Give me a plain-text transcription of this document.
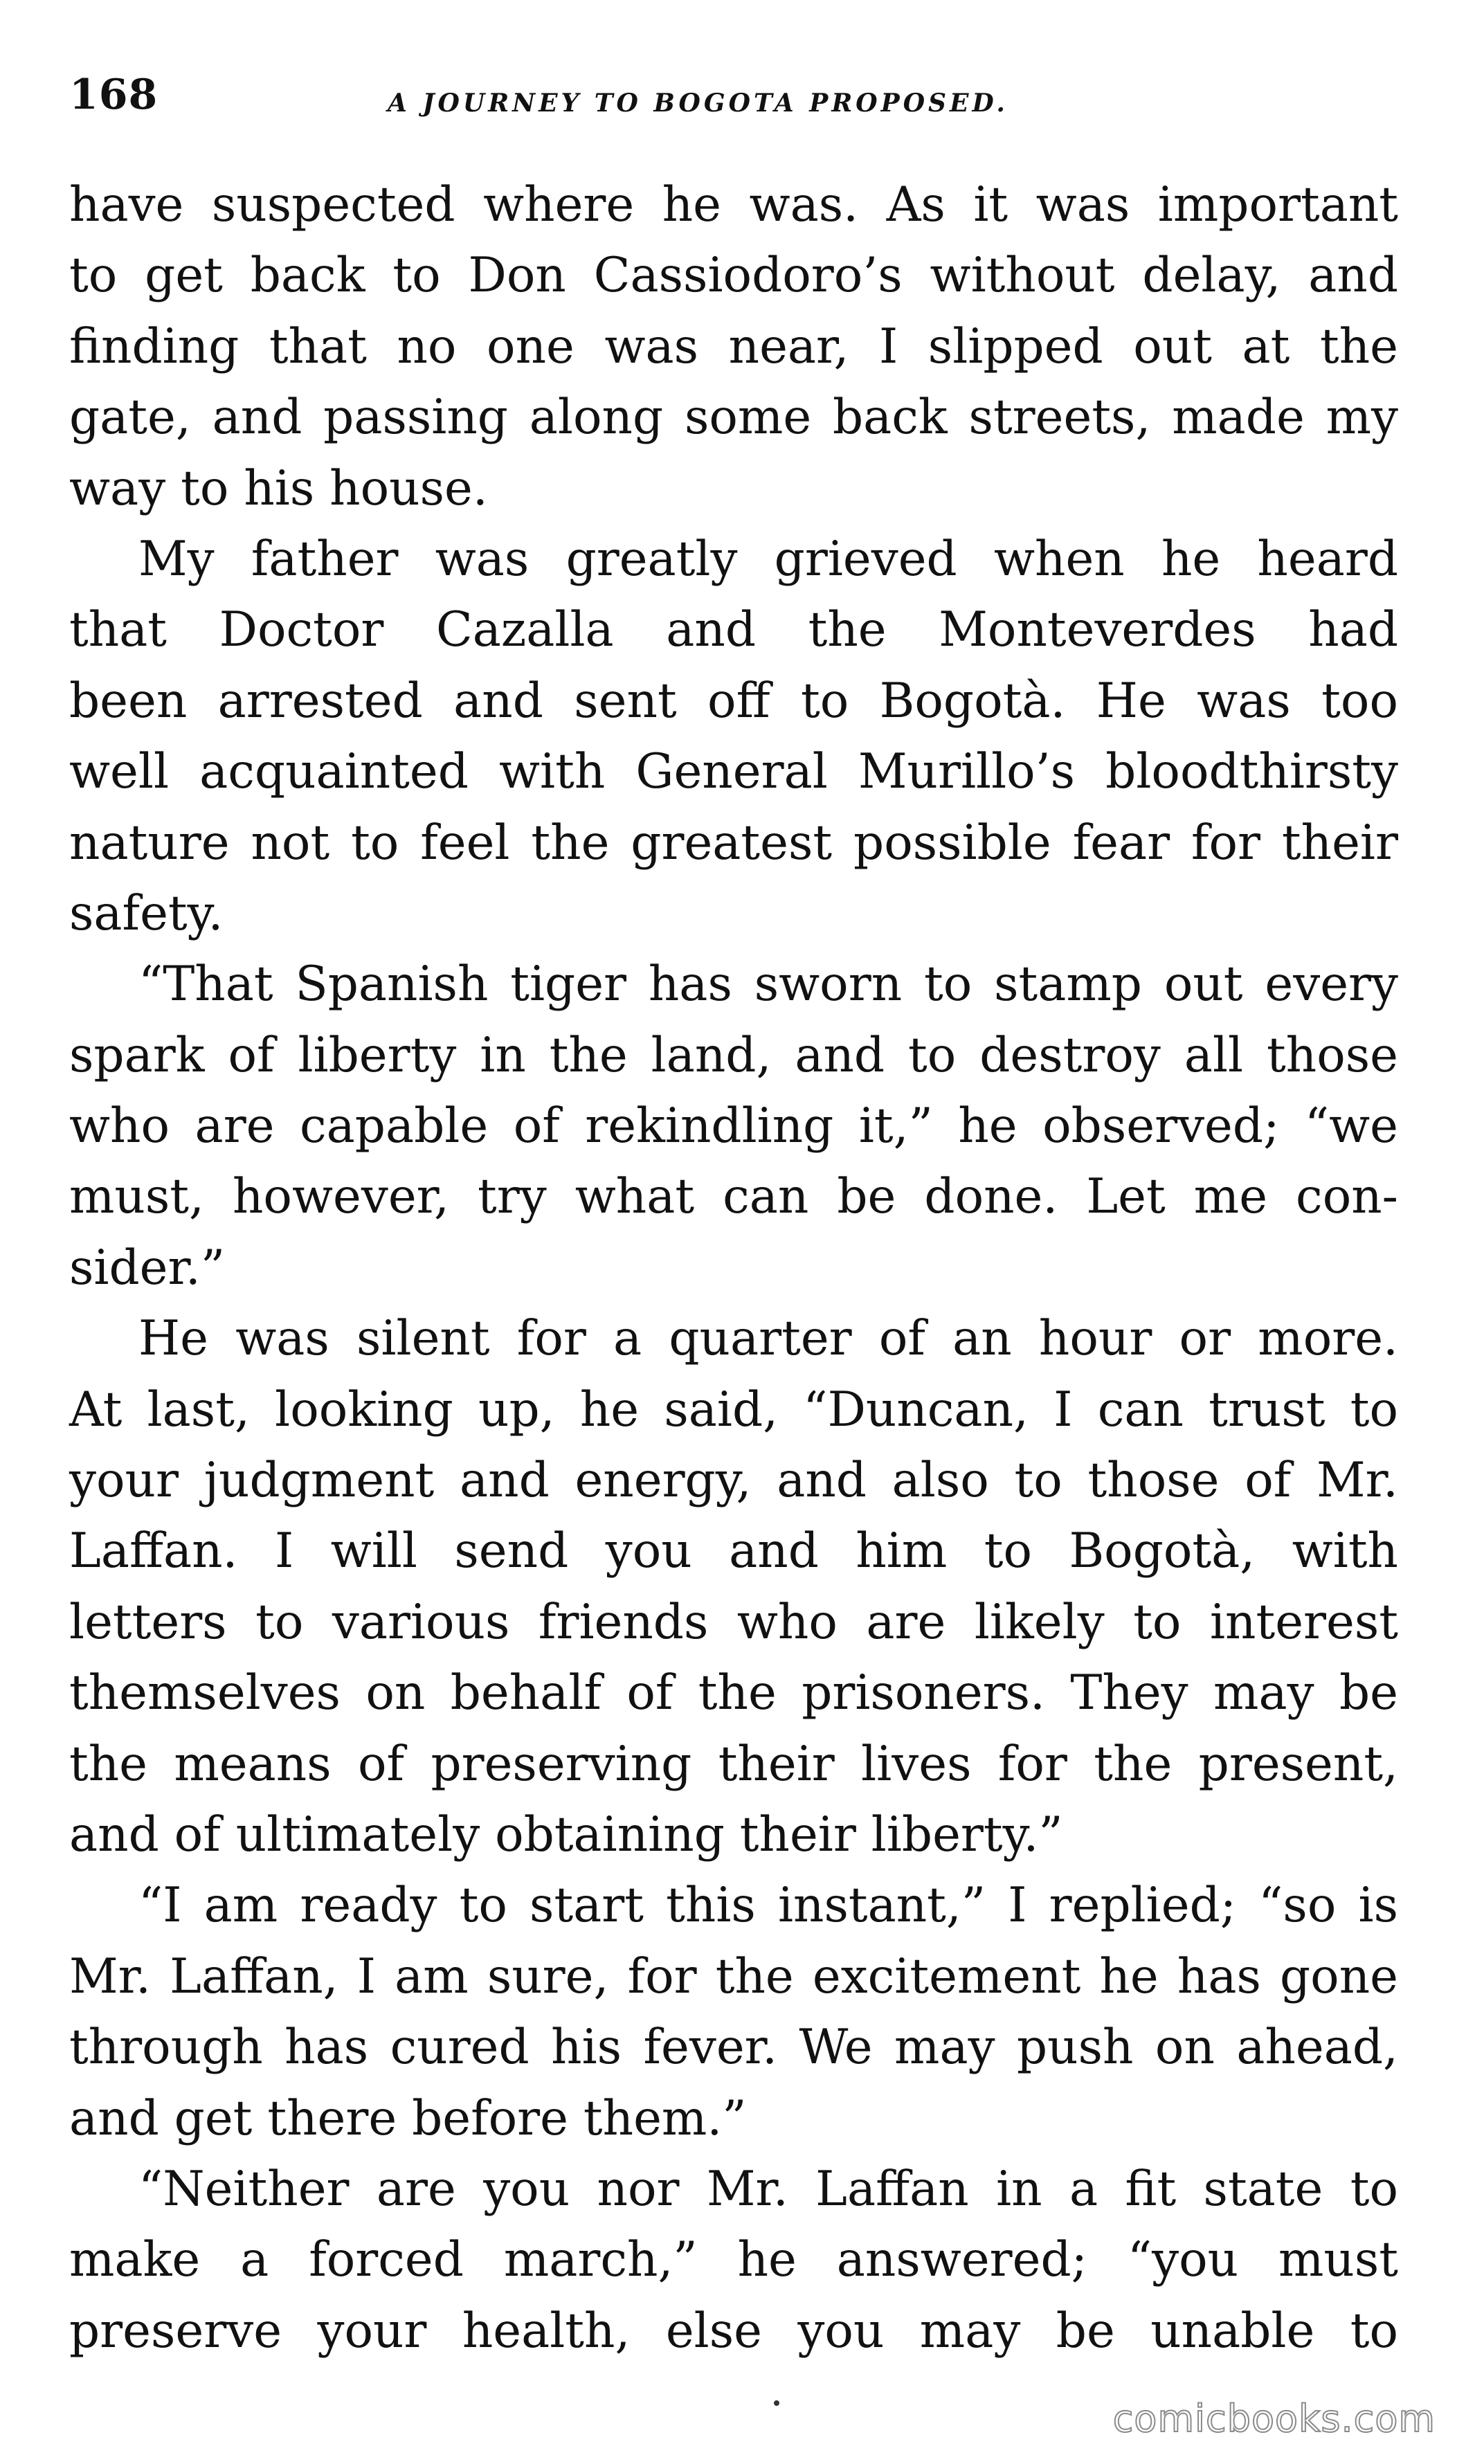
168	A JOURNEY TO BOGOTA PROPOSED.
have suspected where he was. As it was important
to get back to Don Cassiodoro’s without delay, and
finding that no one was near, I slipped out at the
gate, and passing along some back streets, made my
way to his house.
My father was greatly grieved when he heard
that Doctor Cazalla and the Monteverdes had
been arrested and sent off to Bogotà. He was too
well acquainted with General Murillo’s bloodthirsty
nature not to feel the greatest possible fear for their
safety.
“That Spanish tiger has sworn to stamp out every
spark of liberty in the land, and to destroy all those
who are capable of rekindling it,” he observed; “we
must, however, try what can be done. Let me con-
sider.”
He was silent for a quarter of an hour or more.
At last, looking up, he said, “Duncan, I can trust to
your judgment and energy, and also to those of Mr.
Laffan. I will send you and him to Bogotà, with
letters to various friends who are likely to interest
themselves on behalf of the prisoners. They may be
the means of preserving their lives for the present,
and of ultimately obtaining their liberty.”
“I am ready to start this instant,” I replied; “so is
Mr. Laffan, I am sure, for the excitement he has gone
through has cured his fever. We may push on ahead,
and get there before them.”
“Neither are you nor Mr. Laffan in a fit state to
make a forced march,” he answered; “you must
preserve your health, else you may be unable to
comicbooks.com
